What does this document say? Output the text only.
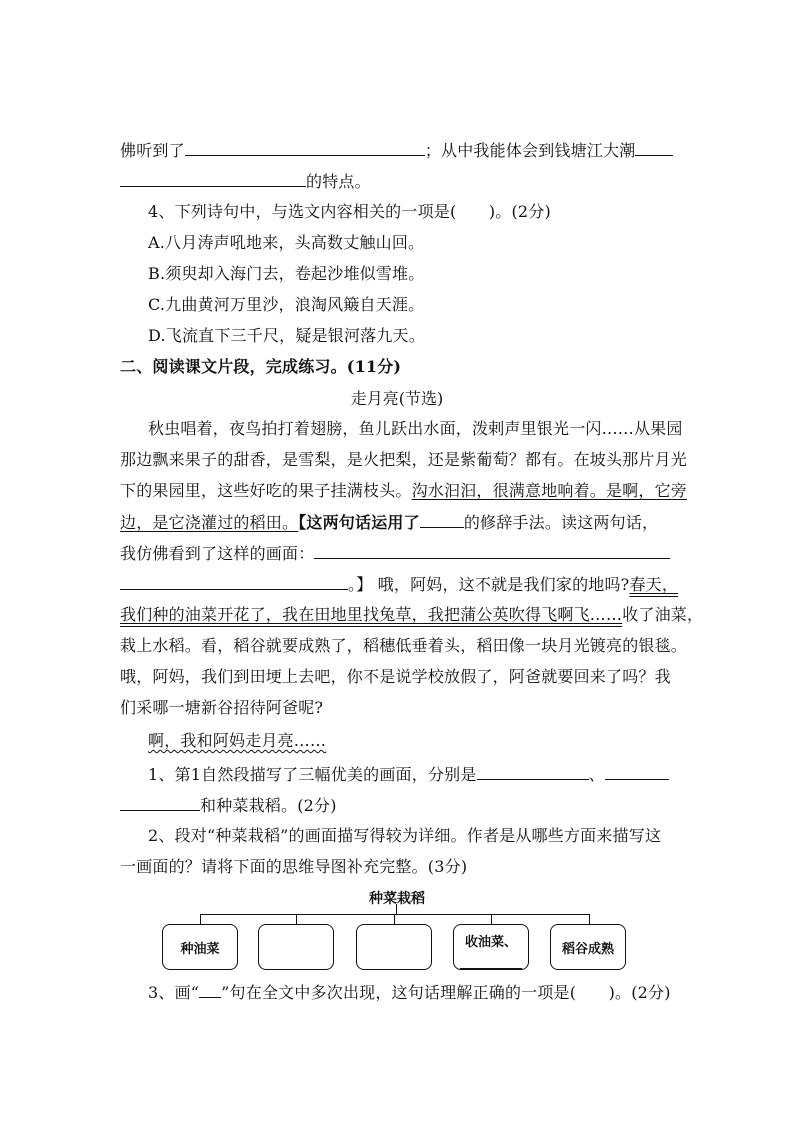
佛听到了	；从中我能体会到钱塘江大潮
的特点。
4、下列诗句中，与选文内容相关的一项是(　　)。(2分)
A.八月涛声吼地来，头高数丈触山回。
B.须臾却入海门去，卷起沙堆似雪堆。
C.九曲黄河万里沙，浪淘风簸自天涯。
D.飞流直下三千尺，疑是银河落九天。
二、阅读课文片段，完成练习。(11分)
走月亮(节选)
秋虫唱着，夜鸟拍打着翅膀，鱼儿跃出水面，泼剌声里银光一闪……从果园
那边飘来果子的甜香，是雪梨，是火把梨，还是紫葡萄？都有。在坡头那片月光
下的果园里，这些好吃的果子挂满枝头。沟水汩汩，很满意地响着。是啊，它旁
边，是它浇灌过的稻田。【这两句话运用了	的修辞手法。读这两句话，
我仿佛看到了这样的画面：
。】 哦，阿妈，这不就是我们家的地吗?春天，
我们种的油菜开花了，我在田地里找兔草，我把蒲公英吹得飞啊飞……收了油菜，
栽上水稻。看，稻谷就要成熟了，稻穗低垂着头，稻田像一块月光镀亮的银毯。
哦，阿妈，我们到田埂上去吧，你不是说学校放假了，阿爸就要回来了吗？我
们采哪一塘新谷招待阿爸呢?
啊，我和阿妈走月亮……
1、第1自然段描写了三幅优美的画面，分别是	、
和种菜栽稻。(2分)
2、段对“种菜栽稻”的画面描写得较为详细。作者是从哪些方面来描写这
一画面的？请将下面的思维导图补充完整。(3分)
种菜栽稻
种油菜	收油菜、	稻谷成熟
3、画“ ”句在全文中多次出现，这句话理解正确的一项是(　　)。(2分)
